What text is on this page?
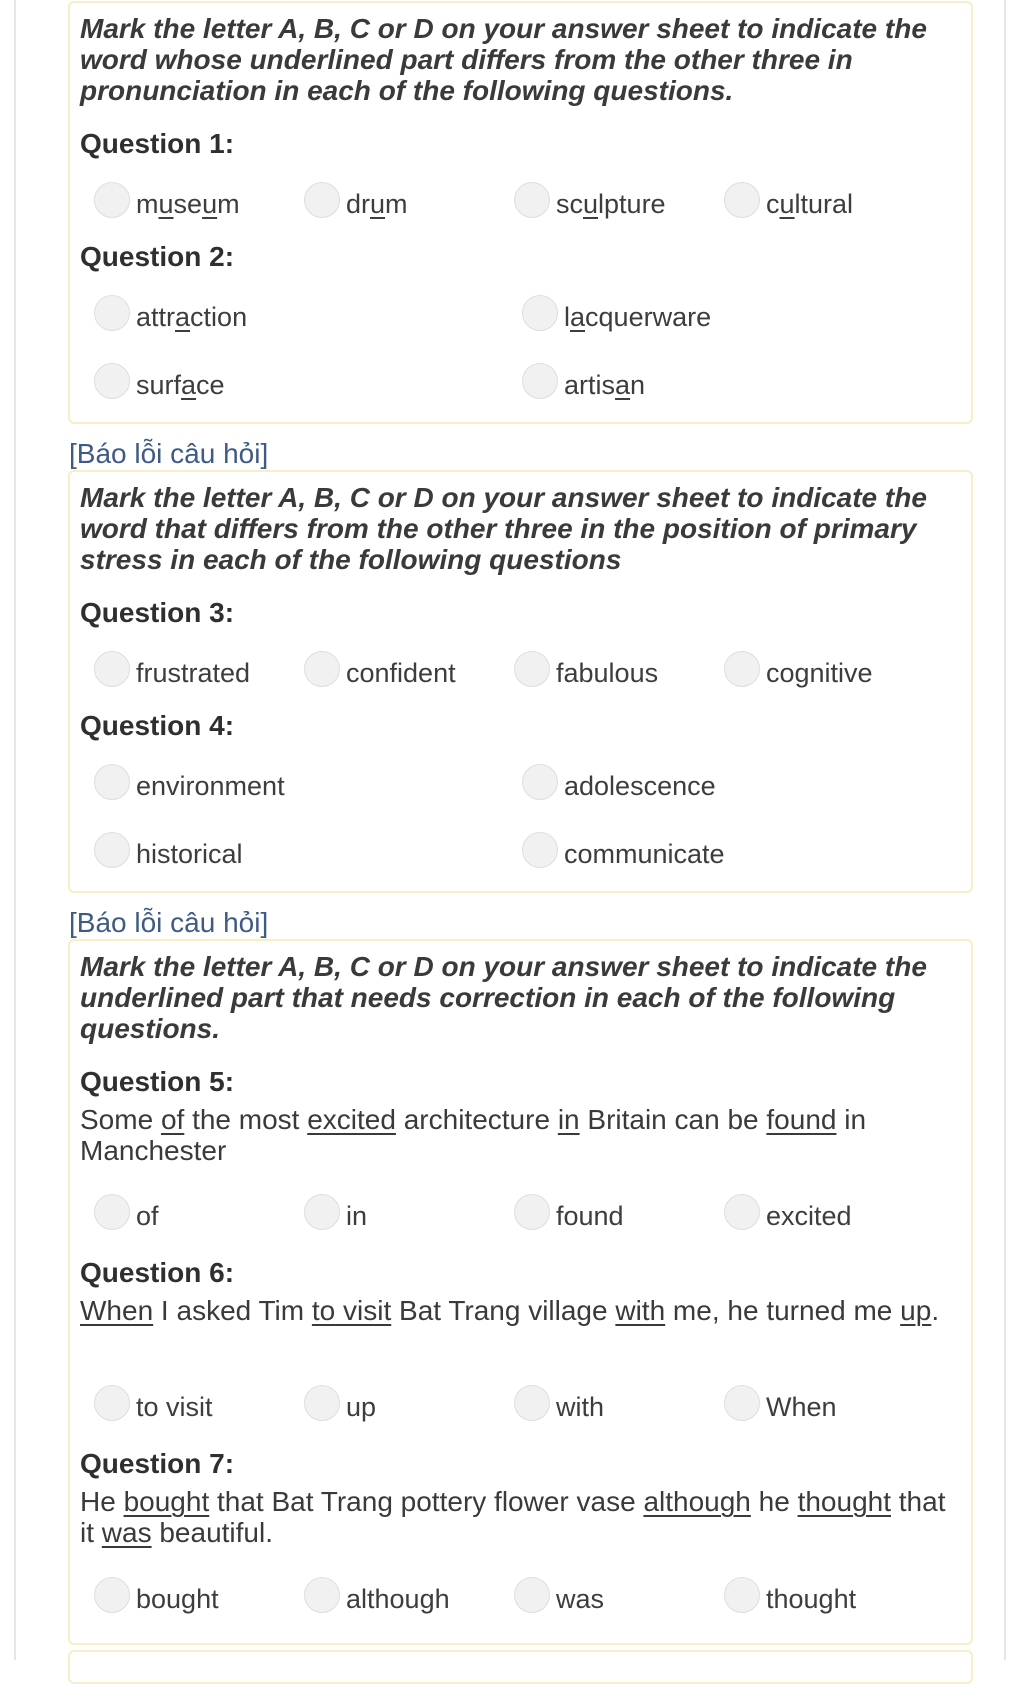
Mark the letter A, B, C or D on your answer sheet to indicate the word whose underlined part differs from the other three in pronunciation in each of the following questions.
Question 1:
museum	drum	sculpture	cultural
Question 2:
attraction	lacquerware
surface	artisan
[Báo lỗi câu hỏi]
Mark the letter A, B, C or D on your answer sheet to indicate the word that differs from the other three in the position of primary stress in each of the following questions
Question 3:
frustrated	confident	fabulous	cognitive
Question 4:
environment	adolescence
historical	communicate
[Báo lỗi câu hỏi]
Mark the letter A, B, C or D on your answer sheet to indicate the underlined part that needs correction in each of the following questions.
Question 5:
Some of the most excited architecture in Britain can be found in Manchester
of	in	found	excited
Question 6:
When I asked Tim to visit Bat Trang village with me, he turned me up.
to visit	up	with	When
Question 7:
He bought that Bat Trang pottery flower vase although he thought that it was beautiful.
bought	although	was	thought
